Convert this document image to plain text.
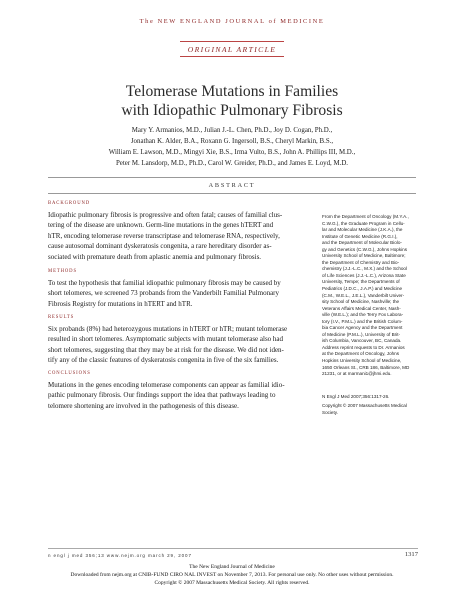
The NEW ENGLAND JOURNAL of MEDICINE
ORIGINAL ARTICLE
Telomerase Mutations in Families
with Idiopathic Pulmonary Fibrosis
Mary Y. Armanios, M.D., Julian J.-L. Chen, Ph.D., Joy D. Cogan, Ph.D.,
Jonathan K. Alder, B.A., Roxann G. Ingersoll, B.S., Cheryl Markin, B.S.,
William E. Lawson, M.D., Mingyi Xie, B.S., Irma Vulto, B.S., John A. Phillips III, M.D.,
Peter M. Lansdorp, M.D., Ph.D., Carol W. Greider, Ph.D., and James E. Loyd, M.D.
ABSTRACT
BACKGROUND
Idiopathic pulmonary fibrosis is progressive and often fatal; causes of familial clus-
tering of the disease are unknown. Germ-line mutations in the genes hTERT and
hTR, encoding telomerase reverse transcriptase and telomerase RNA, respectively,
cause autosomal dominant dyskeratosis congenita, a rare hereditary disorder as-
sociated with premature death from aplastic anemia and pulmonary fibrosis.
METHODS
To test the hypothesis that familial idiopathic pulmonary fibrosis may be caused by
short telomeres, we screened 73 probands from the Vanderbilt Familial Pulmonary
Fibrosis Registry for mutations in hTERT and hTR.
RESULTS
Six probands (8%) had heterozygous mutations in hTERT or hTR; mutant telomerase
resulted in short telomeres. Asymptomatic subjects with mutant telomerase also had
short telomeres, suggesting that they may be at risk for the disease. We did not iden-
tify any of the classic features of dyskeratosis congenita in five of the six families.
CONCLUSIONS
Mutations in the genes encoding telomerase components can appear as familial idio-
pathic pulmonary fibrosis. Our findings support the idea that pathways leading to
telomere shortening are involved in the pathogenesis of this disease.
From the Department of Oncology (M.Y.A.,
C.W.G.), the Graduate Program in Cellu-
lar and Molecular Medicine (J.K.A.), the
Institute of Genetic Medicine (R.G.I.),
and the Department of Molecular Biolo-
gy and Genetics (C.W.G.), Johns Hopkins
University School of Medicine, Baltimore;
the Department of Chemistry and Bio-
chemistry (J.J.-L.C., M.X.) and the School
of Life Sciences (J.J.-L.C.), Arizona State
University, Tempe; the Departments of
Pediatrics (J.D.C., J.A.P.) and Medicine
(C.M., W.E.L., J.E.L.), Vanderbilt Univer-
sity School of Medicine, Nashville; the
Veterans Affairs Medical Center, Nash-
ville (W.E.L.); and the Terry Fox Labora-
tory (I.V., P.M.L.) and the British Colum-
bia Cancer Agency and the Department
of Medicine (P.M.L.), University of Brit-
ish Columbia, Vancouver, BC, Canada.
Address reprint requests to Dr. Armanios
at the Department of Oncology, Johns
Hopkins University School of Medicine,
1650 Orleans St., CRB 186, Baltimore, MD
21231, or at marmani1@jhmi.edu.
N Engl J Med 2007;356:1317-26.
Copyright © 2007 Massachusetts Medical Society.
n engl j med 356;13 www.nejm.org march 29, 2007	1317
The New England Journal of Medicine
Downloaded from nejm.org at CNIB-FUND CIRO NAL INVEST on November 7, 2013. For personal use only. No other uses without permission.
Copyright © 2007 Massachusetts Medical Society. All rights reserved.
